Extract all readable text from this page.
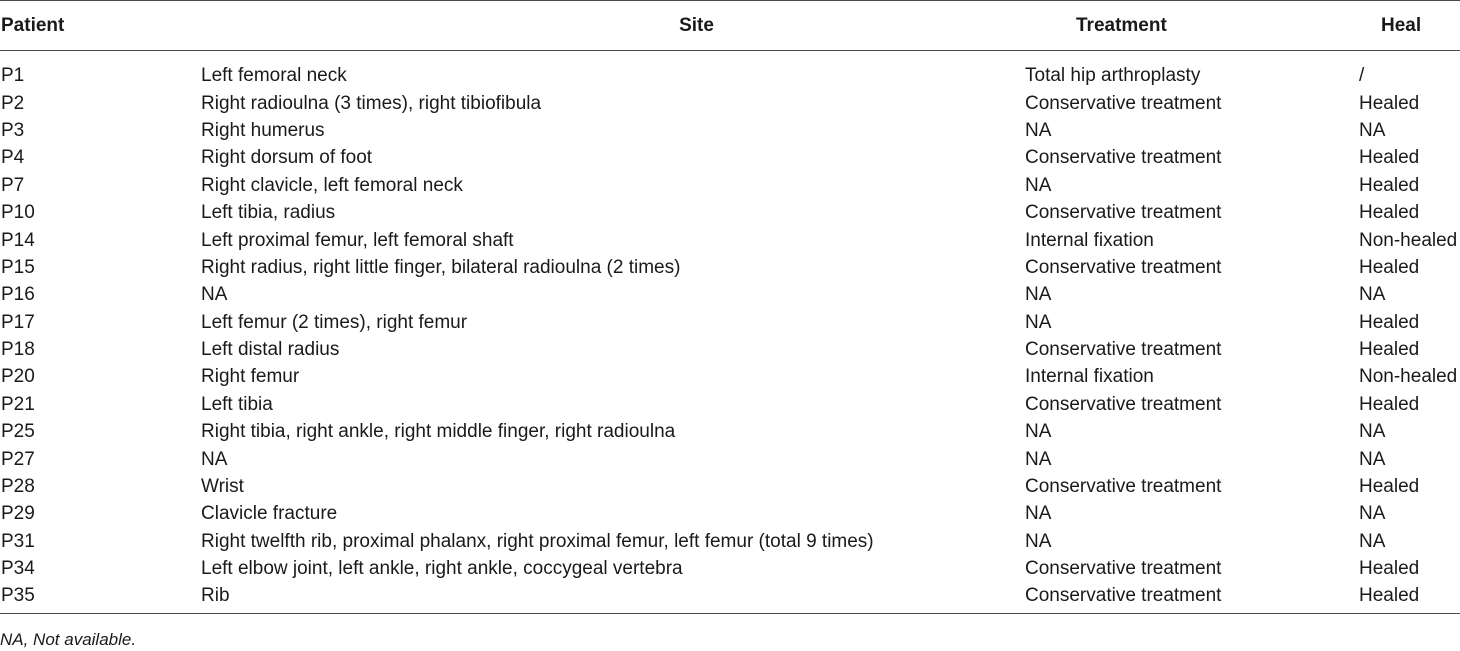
Patient	Site	Treatment	Heal
P1	Left femoral neck	Total hip arthroplasty	/
P2	Right radioulna (3 times), right tibiofibula	Conservative treatment	Healed
P3	Right humerus	NA	NA
P4	Right dorsum of foot	Conservative treatment	Healed
P7	Right clavicle, left femoral neck	NA	Healed
P10	Left tibia, radius	Conservative treatment	Healed
P14	Left proximal femur, left femoral shaft	Internal fixation	Non-healed
P15	Right radius, right little finger, bilateral radioulna (2 times)	Conservative treatment	Healed
P16	NA	NA	NA
P17	Left femur (2 times), right femur	NA	Healed
P18	Left distal radius	Conservative treatment	Healed
P20	Right femur	Internal fixation	Non-healed
P21	Left tibia	Conservative treatment	Healed
P25	Right tibia, right ankle, right middle finger, right radioulna	NA	NA
P27	NA	NA	NA
P28	Wrist	Conservative treatment	Healed
P29	Clavicle fracture	NA	NA
P31	Right twelfth rib, proximal phalanx, right proximal femur, left femur (total 9 times)	NA	NA
P34	Left elbow joint, left ankle, right ankle, coccygeal vertebra	Conservative treatment	Healed
P35	Rib	Conservative treatment	Healed
NA, Not available.
